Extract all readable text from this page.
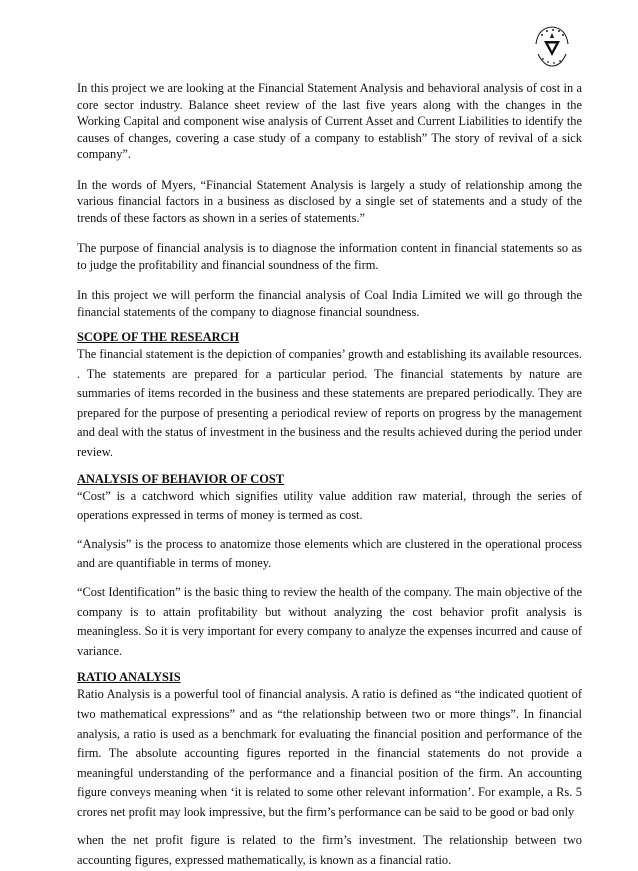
In this project we are looking at the Financial Statement Analysis and behavioral analysis of cost in a core sector industry. Balance sheet review of the last five years along with the changes in the Working Capital and component wise analysis of Current Asset and Current Liabilities to identify the causes of changes, covering a case study of a company to establish” The story of revival of a sick company”.

In the words of Myers, “Financial Statement Analysis is largely a study of relationship among the various financial factors in a business as disclosed by a single set of statements and a study of the trends of these factors as shown in a series of statements.”

The purpose of financial analysis is to diagnose the information content in financial statements so as to judge the profitability and financial soundness of the firm.

In this project we will perform the financial analysis of Coal India Limited we will go through the financial statements of the company to diagnose financial soundness.

SCOPE OF THE RESEARCH

The financial statement is the depiction of companies’ growth and establishing its available resources. . The statements are prepared for a particular period. The financial statements by nature are summaries of items recorded in the business and these statements are prepared periodically. They are prepared for the purpose of presenting a periodical review of reports on progress by the management and deal with the status of investment in the business and the results achieved during the period under review.

ANALYSIS OF BEHAVIOR OF COST

“Cost” is a catchword which signifies utility value addition raw material, through the series of operations expressed in terms of money is termed as cost.

“Analysis” is the process to anatomize those elements which are clustered in the operational process and are quantifiable in terms of money.

“Cost Identification” is the basic thing to review the health of the company. The main objective of the company is to attain profitability but without analyzing the cost behavior profit analysis is meaningless. So it is very important for every company to analyze the expenses incurred and cause of variance.

RATIO ANALYSIS

Ratio Analysis is a powerful tool of financial analysis. A ratio is defined as “the indicated quotient of two mathematical expressions” and as “the relationship between two or more things”. In financial analysis, a ratio is used as a benchmark for evaluating the financial position and performance of the firm. The absolute accounting figures reported in the financial statements do not provide a meaningful understanding of the performance and a financial position of the firm. An accounting figure conveys meaning when ‘it is related to some other relevant information’. For example, a Rs. 5 crores net profit may look impressive, but the firm’s performance can be said to be good or bad only

when the net profit figure is related to the firm’s investment. The relationship between two accounting figures, expressed mathematically, is known as a financial ratio.
